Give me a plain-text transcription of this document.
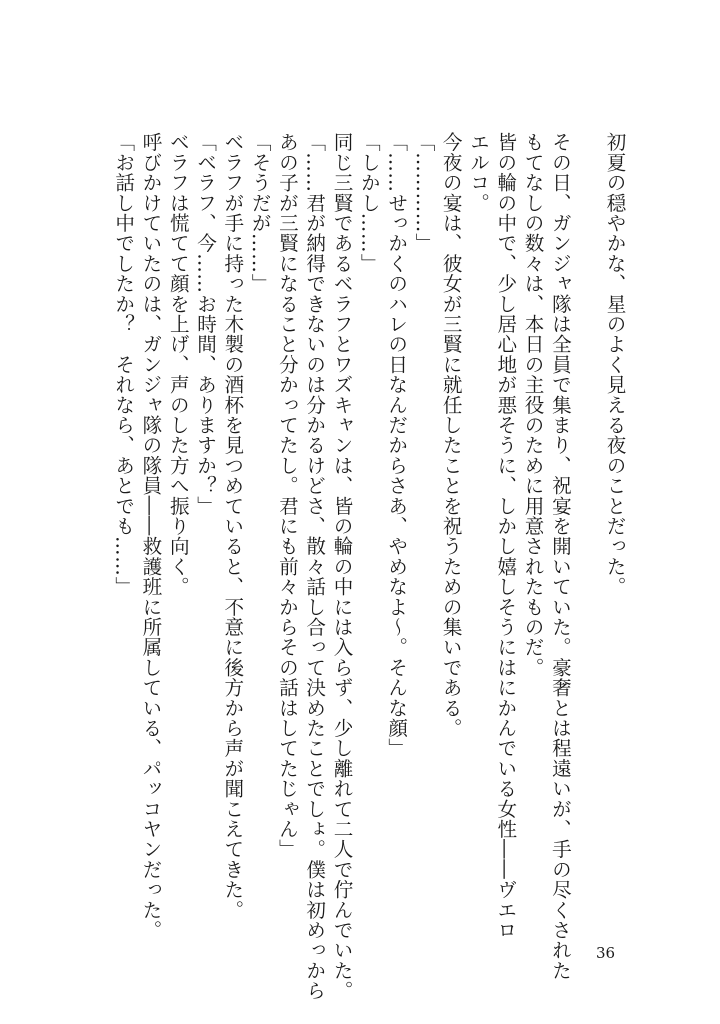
初夏の穏やかな、星のよく見える夜のことだった。

その日、ガンジャ隊は全員で集まり、祝宴を開いていた。豪奢とは程遠いが、手の尽くされた

もてなしの数々は、本日の主役のために用意されたものだ。

皆の輪の中で、少し居心地が悪そうに、しかし嬉しそうにはにかんでいる女性――ヴエロ

エルコ。

今夜の宴は、彼女が三賢に就任したことを祝うための集いである。

「…………」

「……せっかくのハレの日なんだからさあ、やめなよ～。そんな顔」

「しかし……」

同じ三賢であるベラフとワズキャンは、皆の輪の中には入らず、少し離れて二人で佇んでいた。

「……君が納得できないのは分かるけどさ、散々話し合って決めたことでしょ。僕は初めっから

あの子が三賢になること分かってたし。君にも前々からその話はしてたじゃん」

「そうだが……」

ベラフが手に持った木製の酒杯を見つめていると、不意に後方から声が聞こえてきた。

「ベラフ、今……お時間、ありますか？」

ベラフは慌てて顔を上げ、声のした方へ振り向く。

呼びかけていたのは、ガンジャ隊の隊員――救護班に所属している、パッコヤンだった。

「お話し中でしたか？　それなら、あとでも……」

36
